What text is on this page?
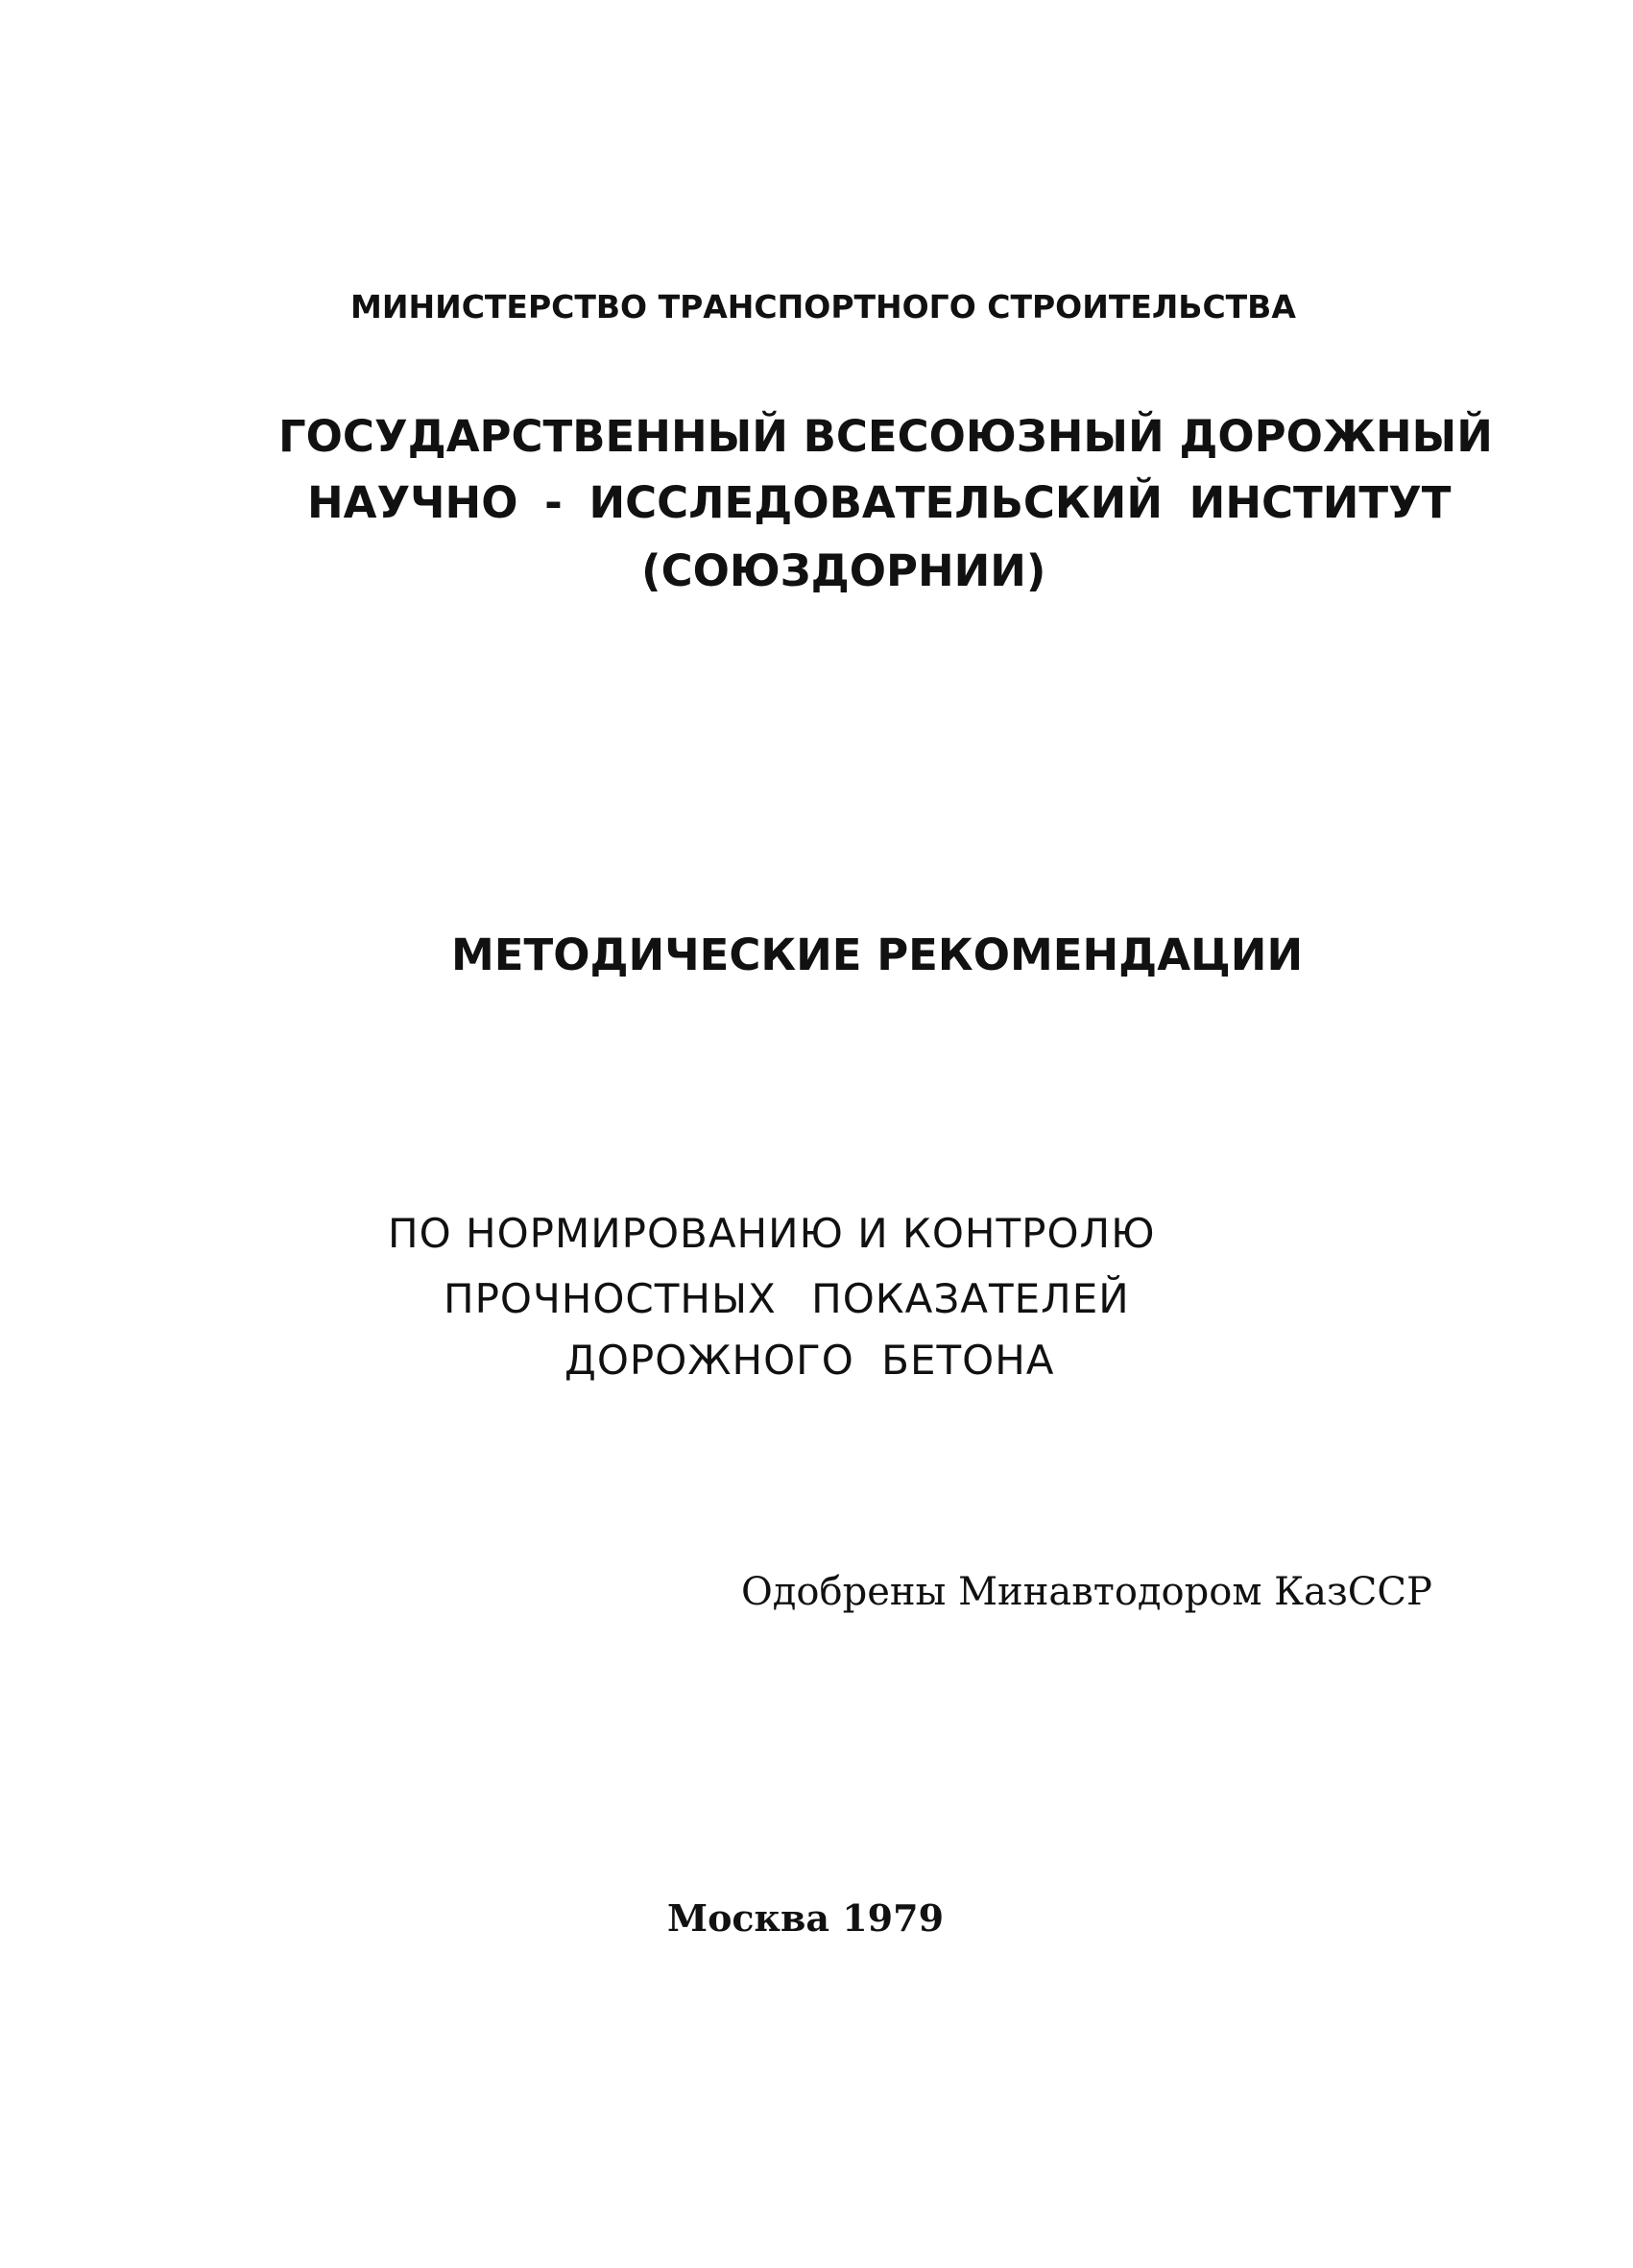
МИНИСТЕРСТВО ТРАНСПОРТНОГО СТРОИТЕЛЬСТВА
ГОСУДАРСТВЕННЫЙ ВСЕСОЮЗНЫЙ ДОРОЖНЫЙ
НАУЧНО - ИССЛЕДОВАТЕЛЬСКИЙ ИНСТИТУТ
(СОЮЗДОРНИИ)
МЕТОДИЧЕСКИЕ РЕКОМЕНДАЦИИ
ПО НОРМИРОВАНИЮ И КОНТРОЛЮ
ПРОЧНОСТНЫХ ПОКАЗАТЕЛЕЙ
ДОРОЖНОГО БЕТОНА
Одобрены Минавтодором КазССР
Москва 1979
